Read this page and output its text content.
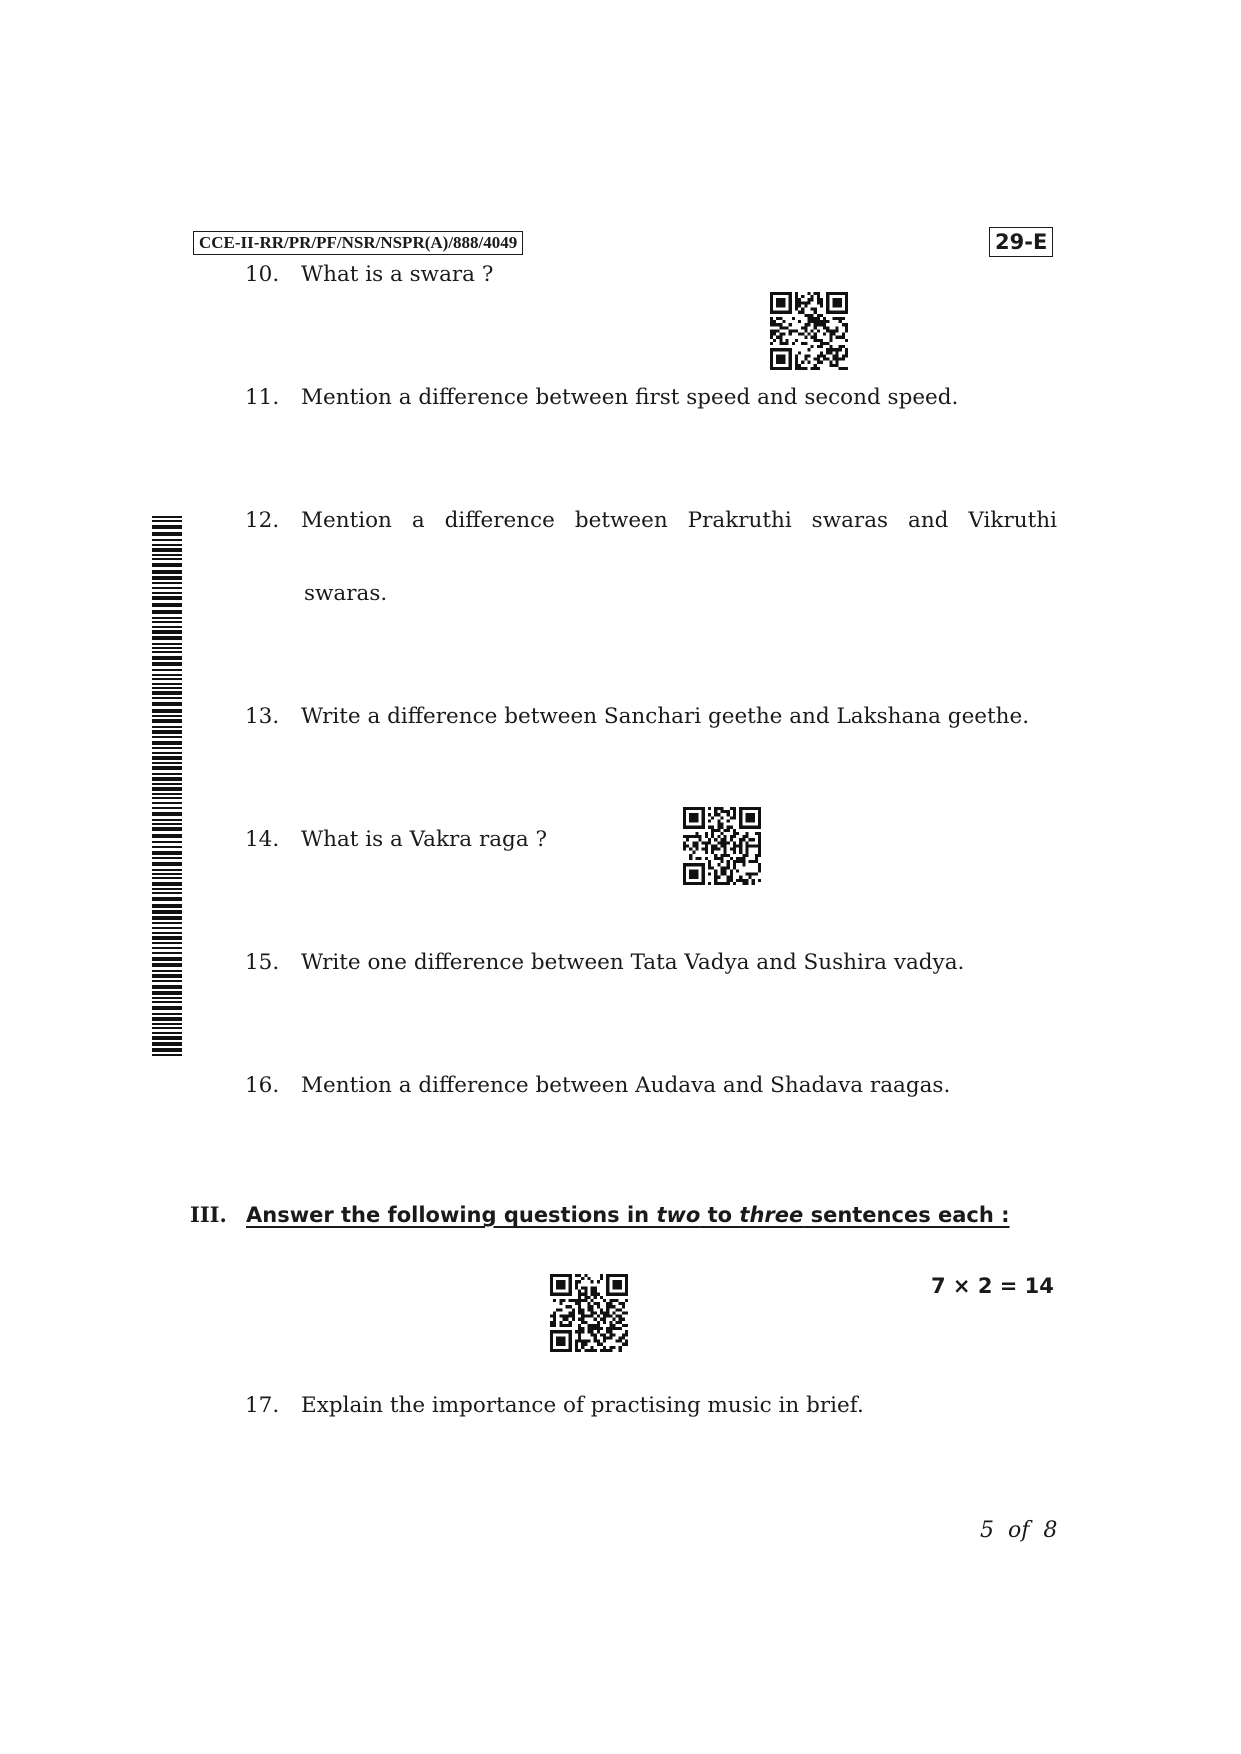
CCE-II-RR/PR/PF/NSR/NSPR(A)/888/4049	29-E
10. What is a swara ?
11. Mention a difference between first speed and second speed.
12. Mention a difference between Prakruthi swaras and Vikruthi
swaras.
13. Write a difference between Sanchari geethe and Lakshana geethe.
14. What is a Vakra raga ?
15. Write one difference between Tata Vadya and Sushira vadya.
16. Mention a difference between Audava and Shadava raagas.
III. Answer the following questions in two to three sentences each :
7 × 2 = 14
17. Explain the importance of practising music in brief.
5 of 8
